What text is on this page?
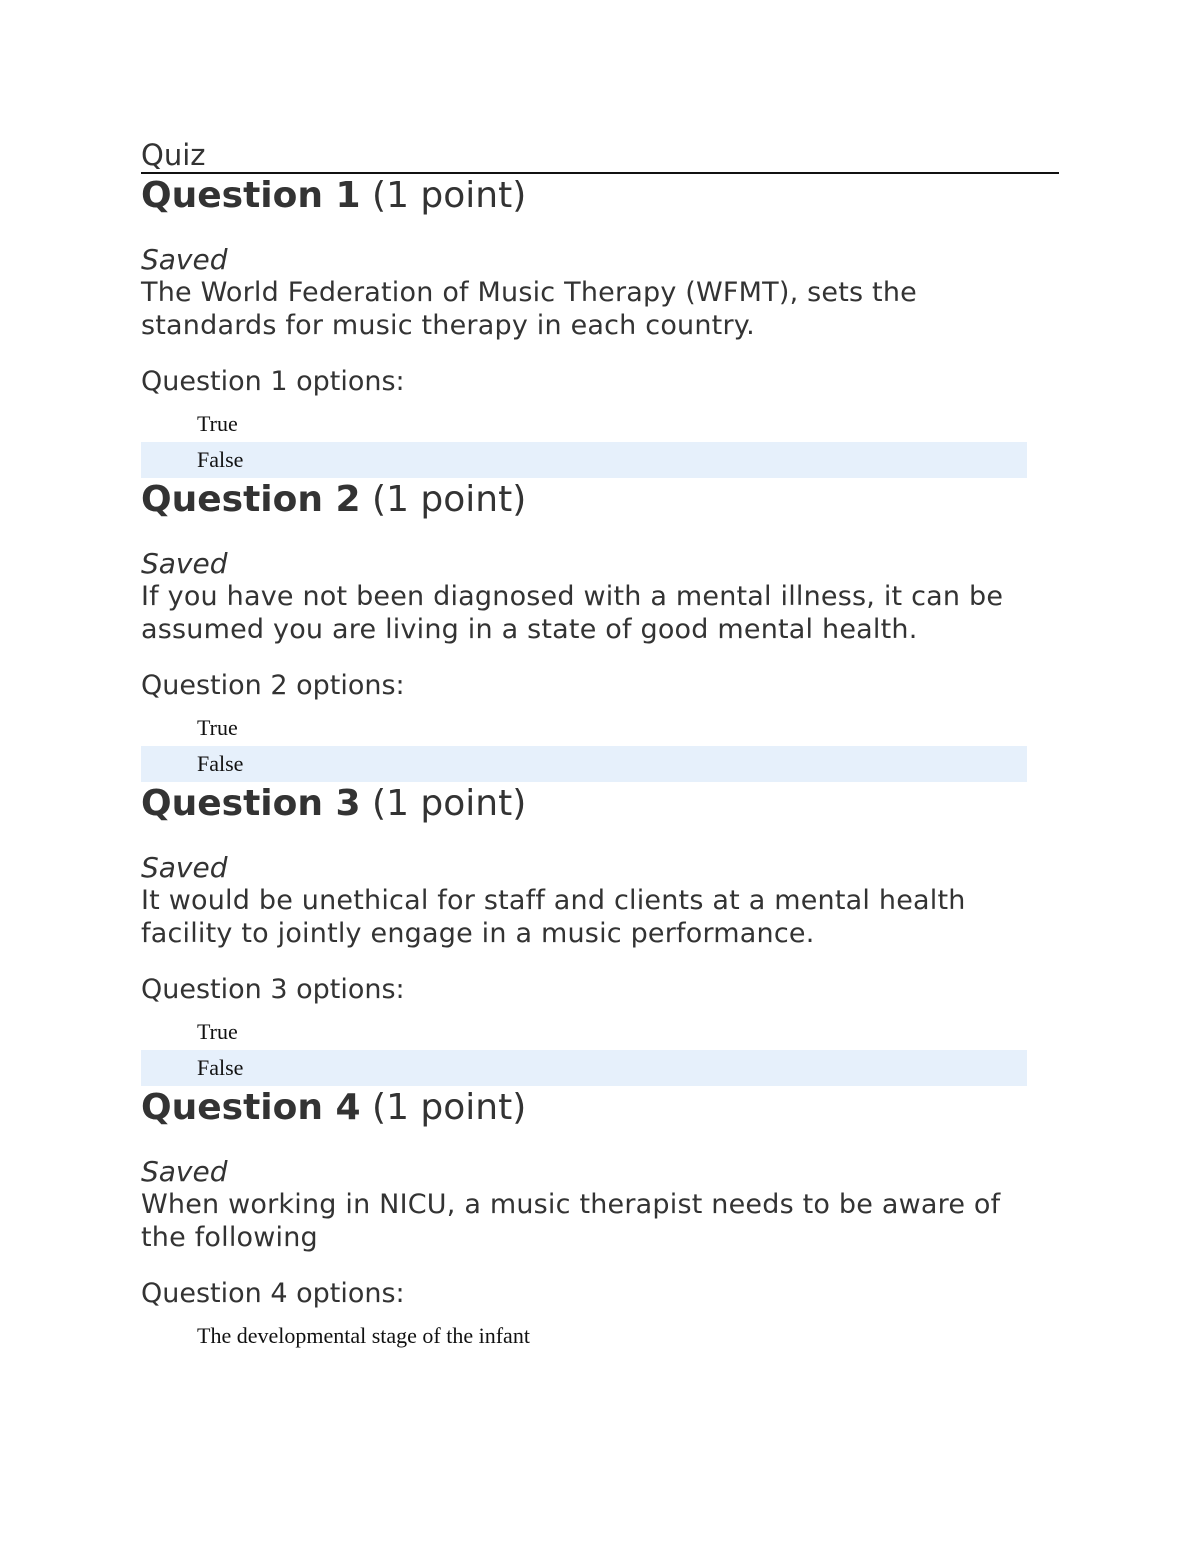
Quiz
Question 1 (1 point)
Saved
The World Federation of Music Therapy (WFMT), sets the
standards for music therapy in each country.
Question 1 options:
True
False
Question 2 (1 point)
Saved
If you have not been diagnosed with a mental illness, it can be
assumed you are living in a state of good mental health.
Question 2 options:
True
False
Question 3 (1 point)
Saved
It would be unethical for staff and clients at a mental health
facility to jointly engage in a music performance.
Question 3 options:
True
False
Question 4 (1 point)
Saved
When working in NICU, a music therapist needs to be aware of
the following
Question 4 options:
The developmental stage of the infant
